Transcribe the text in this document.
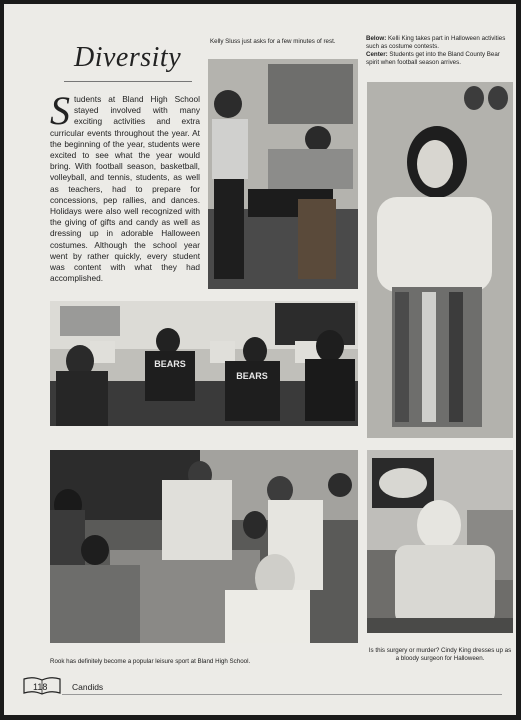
Diversity
Students at Bland High School stayed involved with many exciting activities and extra curricular events throughout the year. At the beginning of the year, students were excited to see what the year would bring. With football season, basketball, volleyball, and tennis, students, as well as teachers, had to prepare for concessions, pep rallies, and dances. Holidays were also well recognized with the giving of gifts and candy as well as dressing up in adorable Halloween costumes. Although the school year went by rather quickly, every student was content with what they had accomplished.
Kelly Sluss just asks for a few minutes of rest.	Below: Kelli King takes part in Halloween activities such as costume contests.
Center: Students get into the Bland County Bear spirit when football season arrives.
BEARS
BEARS
Rook has definitely become a popular leisure sport at Bland High School.
Is this surgery or murder? Cindy King dresses up as a bloody surgeon for Halloween.
118	Candids
